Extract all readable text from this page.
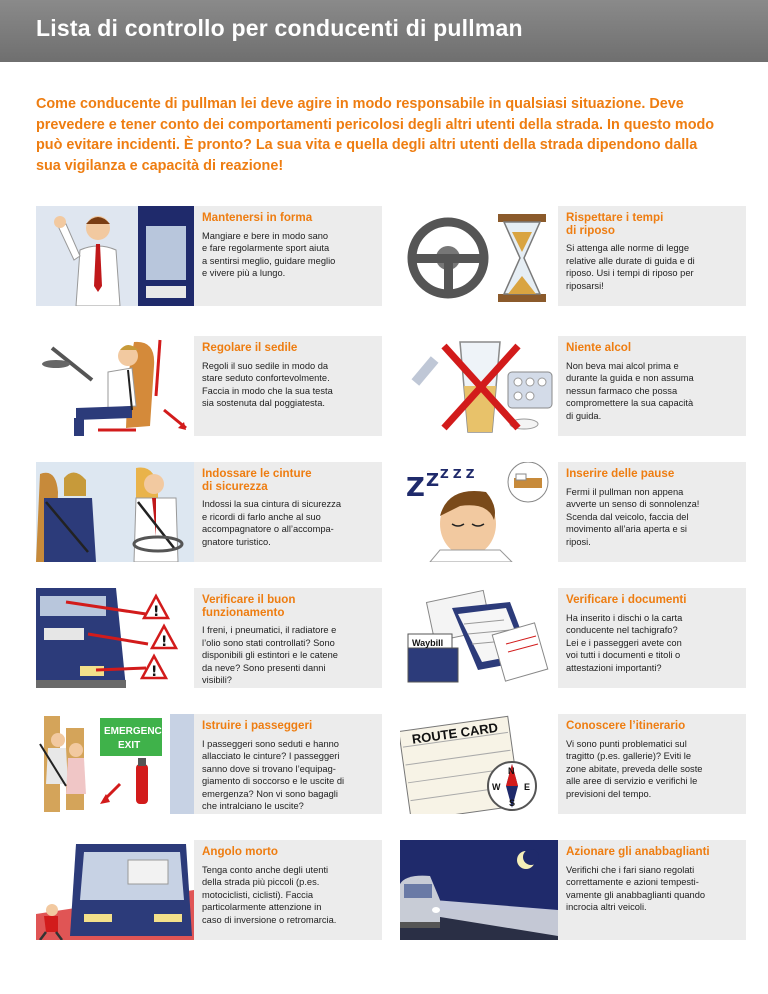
Lista di controllo per conducenti di pullman
Come conducente di pullman lei deve agire in modo responsabile in qualsiasi situazione. Deve prevedere e tener conto dei comportamenti pericolosi degli altri utenti della strada. In questo modo può evitare incidenti. È pronto? La sua vita e quella degli altri utenti della strada dipendono dalla sua vigilanza e capacità di reazione!
Mantenersi in forma
Mangiare e bere in modo sano
e fare regolarmente sport aiuta
a sentirsi meglio, guidare meglio
e vivere più a lungo.
Rispettare i tempi
di riposo
Si attenga alle norme di legge
relative alle durate di guida e di
riposo. Usi i tempi di riposo per
riposarsi!
Regolare il sedile
Regoli il suo sedile in modo da
stare seduto confortevolmente.
Faccia in modo che la sua testa
sia sostenuta dal poggiatesta.
Niente alcol
Non beva mai alcol prima e
durante la guida e non assuma
nessun farmaco che possa
compromettere la sua capacità
di guida.
Indossare le cinture
di sicurezza
Indossi la sua cintura di sicurezza
e ricordi di farlo anche al suo
accompagnatore o all’accompa-
gnatore turistico.
Z Z Z Z Z	Inserire delle pause
Fermi il pullman non appena
avverte un senso di sonnolenza!
Scenda dal veicolo, faccia del
movimento all’aria aperta e si
riposi.
!
!
!
Verificare il buon
funzionamento
I freni, i pneumatici, il radiatore e
l’olio sono stati controllati? Sono
disponibili gli estintori e le catene
da neve? Sono presenti danni
visibili?
Waybill
Verificare i documenti
Ha inserito i dischi o la carta
conducente nel tachigrafo?
Lei e i passeggeri avete con
voi tutti i documenti e titoli o
attestazioni importanti?
EMERGENCY
EXIT
Istruire i passeggeri
I passeggeri sono seduti e hanno
allacciato le cinture? I passeggeri
sanno dove si trovano l’equipag-
giamento di soccorso e le uscite di
emergenza? Non vi sono bagagli
che intralciano le uscite?
ROUTE CARD
N
W	E
S
Conoscere l’itinerario
Vi sono punti problematici sul
tragitto (p.es. gallerie)? Eviti le
zone abitate, preveda delle soste
alle aree di servizio e verifichi le
previsioni del tempo.
Angolo morto
Tenga conto anche degli utenti
della strada più piccoli (p.es.
motociclisti, ciclisti). Faccia
particolarmente attenzione in
caso di inversione o retromarcia.
Azionare gli anabbaglianti
Verifichi che i fari siano regolati
correttamente e azioni tempesti-
vamente gli anabbaglianti quando
incrocia altri veicoli.
